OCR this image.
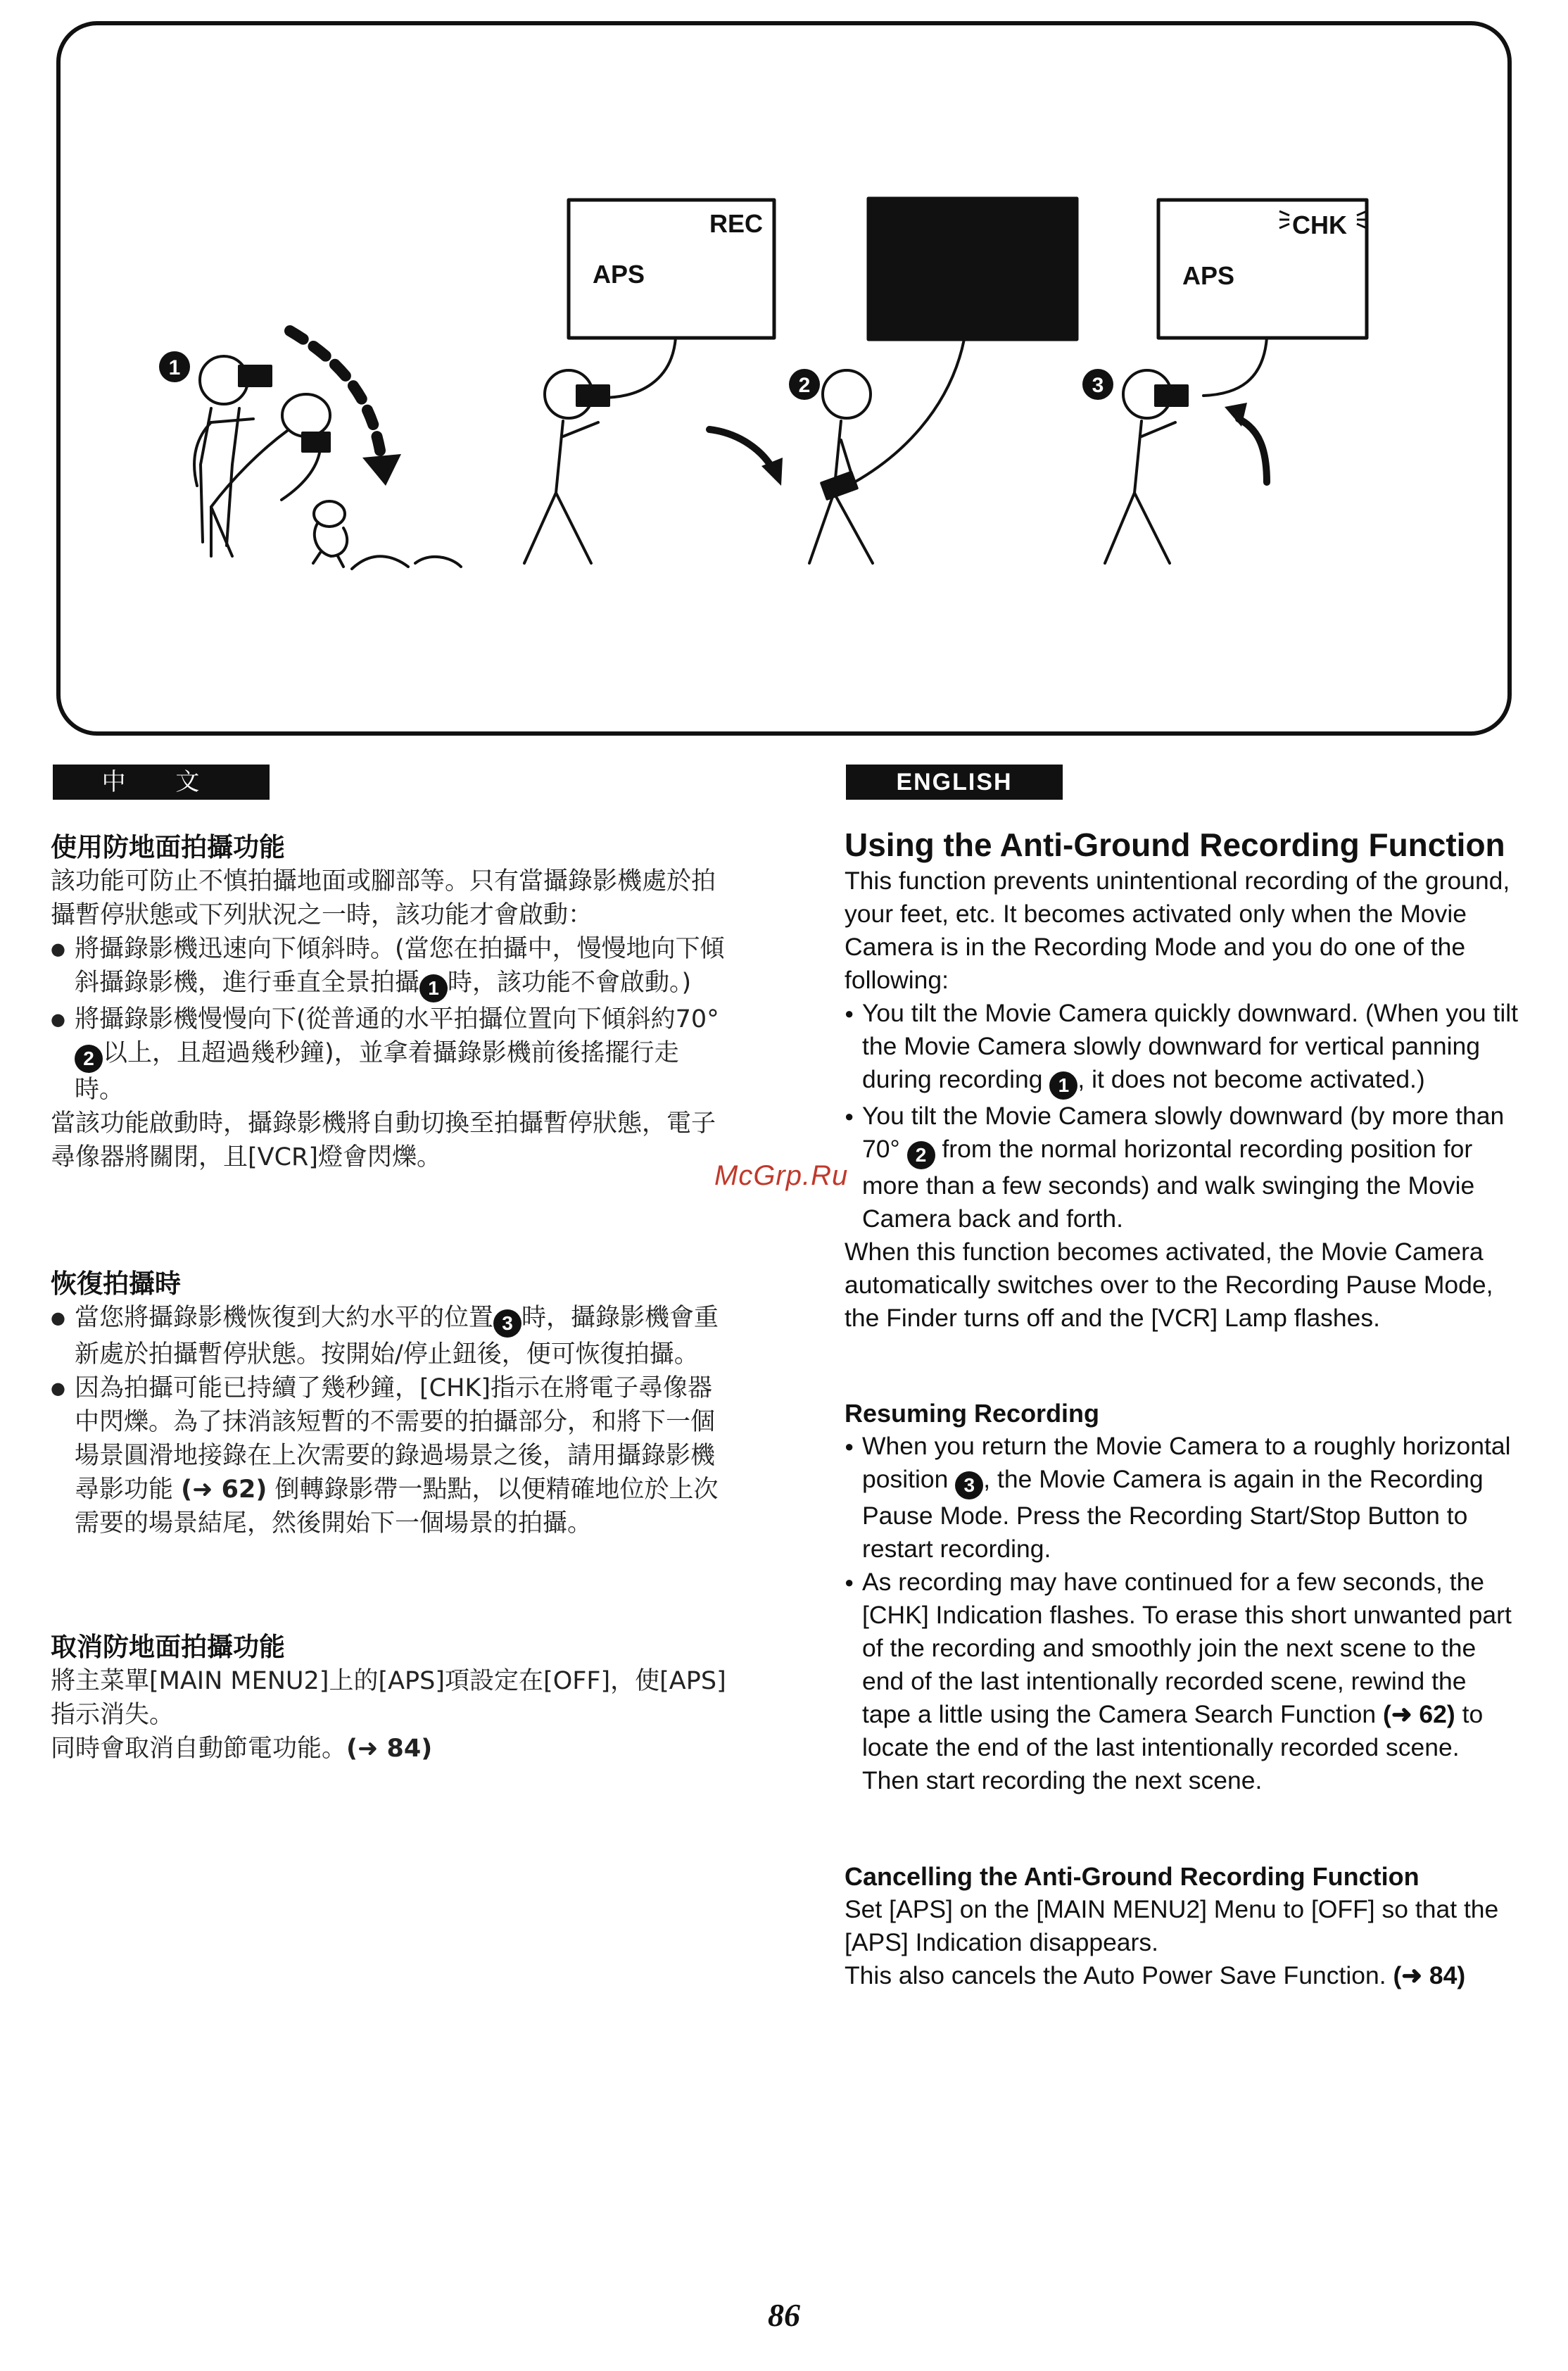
REC
APS
CHK
APS
1
2	3
中 文	ENGLISH
使用防地面拍攝功能
該功能可防止不慎拍攝地面或腳部等。只有當攝錄影機處於拍攝暫停狀態或下列狀況之一時，該功能才會啟動：
● 將攝錄影機迅速向下傾斜時。(當您在拍攝中，慢慢地向下傾斜攝錄影機，進行垂直全景拍攝 1 時，該功能不會啟動。)
● 將攝錄影機慢慢向下(從普通的水平拍攝位置向下傾斜約70°2 以上，且超過幾秒鐘)，並拿着攝錄影機前後搖擺行走時。
當該功能啟動時，攝錄影機將自動切換至拍攝暫停狀態，電子尋像器將關閉，且[VCR]燈會閃爍。
恢復拍攝時
● 當您將攝錄影機恢復到大約水平的位置 3 時，攝錄影機會重新處於拍攝暫停狀態。按開始/停止鈕後，便可恢復拍攝。
● 因為拍攝可能已持續了幾秒鐘，[CHK]指示在將電子尋像器中閃爍。為了抹消該短暫的不需要的拍攝部分，和將下一個場景圓滑地接錄在上次需要的錄過場景之後，請用攝錄影機尋影功能 (➜ 62) 倒轉錄影帶一點點，以便精確地位於上次需要的場景結尾，然後開始下一個場景的拍攝。
取消防地面拍攝功能
將主菜單[MAIN MENU2]上的[APS]項設定在[OFF]，使[APS]指示消失。
同時會取消自動節電功能。(➜ 84)
Using the Anti-Ground Recording Function
This function prevents unintentional recording of the ground, your feet, etc. It becomes activated only when the Movie Camera is in the Recording Mode and you do one of the following:
● You tilt the Movie Camera quickly downward. (When you tilt the Movie Camera slowly downward for vertical panning during recording 1 , it does not become activated.)
● You tilt the Movie Camera slowly downward (by more than 70° 2 from the normal horizontal recording position for more than a few seconds) and walk swinging the Movie Camera back and forth.
When this function becomes activated, the Movie Camera automatically switches over to the Recording Pause Mode, the Finder turns off and the [VCR] Lamp flashes.
Resuming Recording
● When you return the Movie Camera to a roughly horizontal position 3 , the Movie Camera is again in the Recording Pause Mode. Press the Recording Start/Stop Button to restart recording.
● As recording may have continued for a few seconds, the [CHK] Indication flashes. To erase this short unwanted part of the recording and smoothly join the next scene to the end of the last intentionally recorded scene, rewind the tape a little using the Camera Search Function (➜ 62) to locate the end of the last intentionally recorded scene. Then start recording the next scene.
Cancelling the Anti-Ground Recording Function
Set [APS] on the [MAIN MENU2] Menu to [OFF] so that the [APS] Indication disappears.
This also cancels the Auto Power Save Function. (➜ 84)
McGrp.Ru
86
